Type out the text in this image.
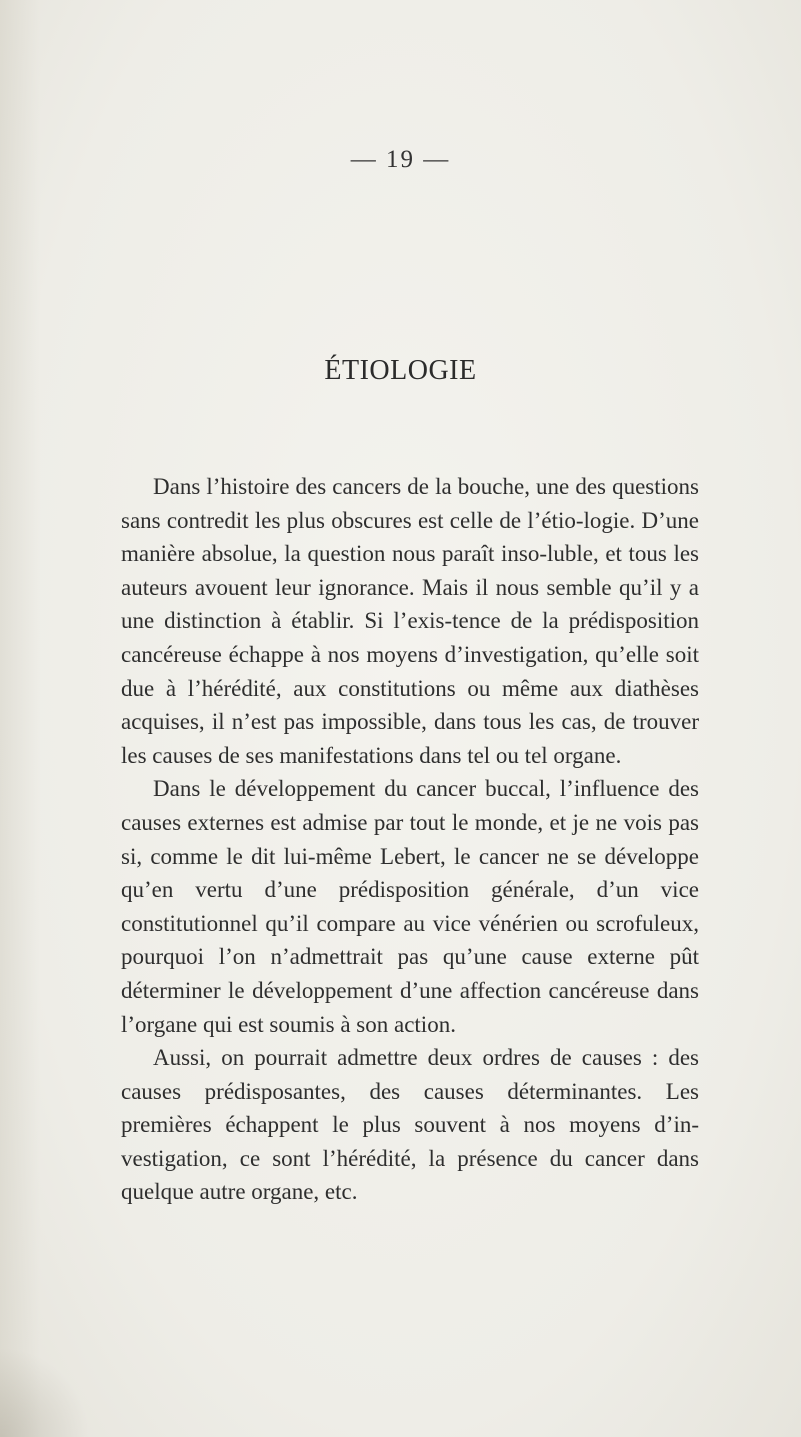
— 19 —
ÉTIOLOGIE

Dans l’histoire des cancers de la bouche, une des questions sans contredit les plus obscures est celle de l’étio-logie. D’une manière absolue, la question nous paraît inso-luble, et tous les auteurs avouent leur ignorance. Mais il nous semble qu’il y a une distinction à établir. Si l’exis-tence de la prédisposition cancéreuse échappe à nos moyens d’investigation, qu’elle soit due à l’hérédité, aux constitutions ou même aux diathèses acquises, il n’est pas impossible, dans tous les cas, de trouver les causes de ses manifestations dans tel ou tel organe.

Dans le développement du cancer buccal, l’influence des causes externes est admise par tout le monde, et je ne vois pas si, comme le dit lui-même Lebert, le cancer ne se développe qu’en vertu d’une prédisposition générale, d’un vice constitutionnel qu’il compare au vice vénérien ou scrofuleux, pourquoi l’on n’admettrait pas qu’une cause externe pût déterminer le développement d’une affection cancéreuse dans l’organe qui est soumis à son action.

Aussi, on pourrait admettre deux ordres de causes : des causes prédisposantes, des causes déterminantes. Les premières échappent le plus souvent à nos moyens d’in-vestigation, ce sont l’hérédité, la présence du cancer dans quelque autre organe, etc.
